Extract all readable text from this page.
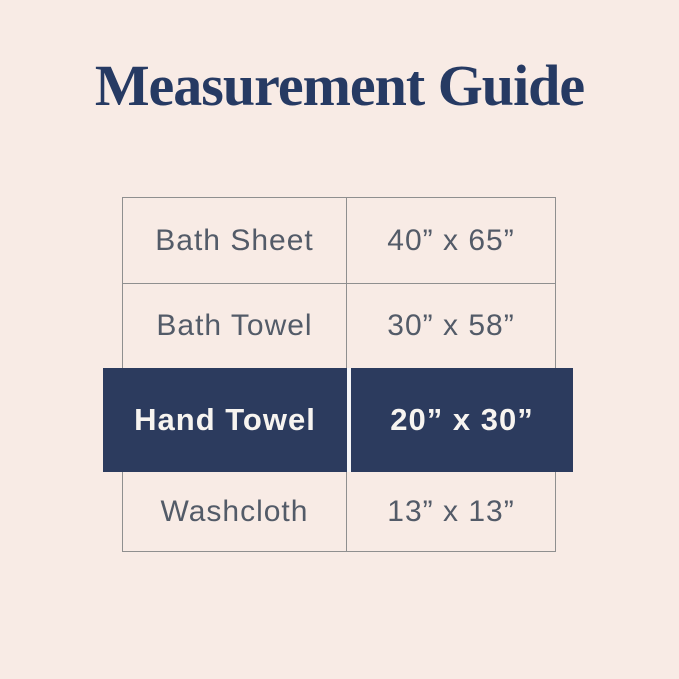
Measurement Guide
Bath Sheet	40” x 65”
Bath Towel	30” x 58”
Hand Towel	20” x 30”
Washcloth	13” x 13”
